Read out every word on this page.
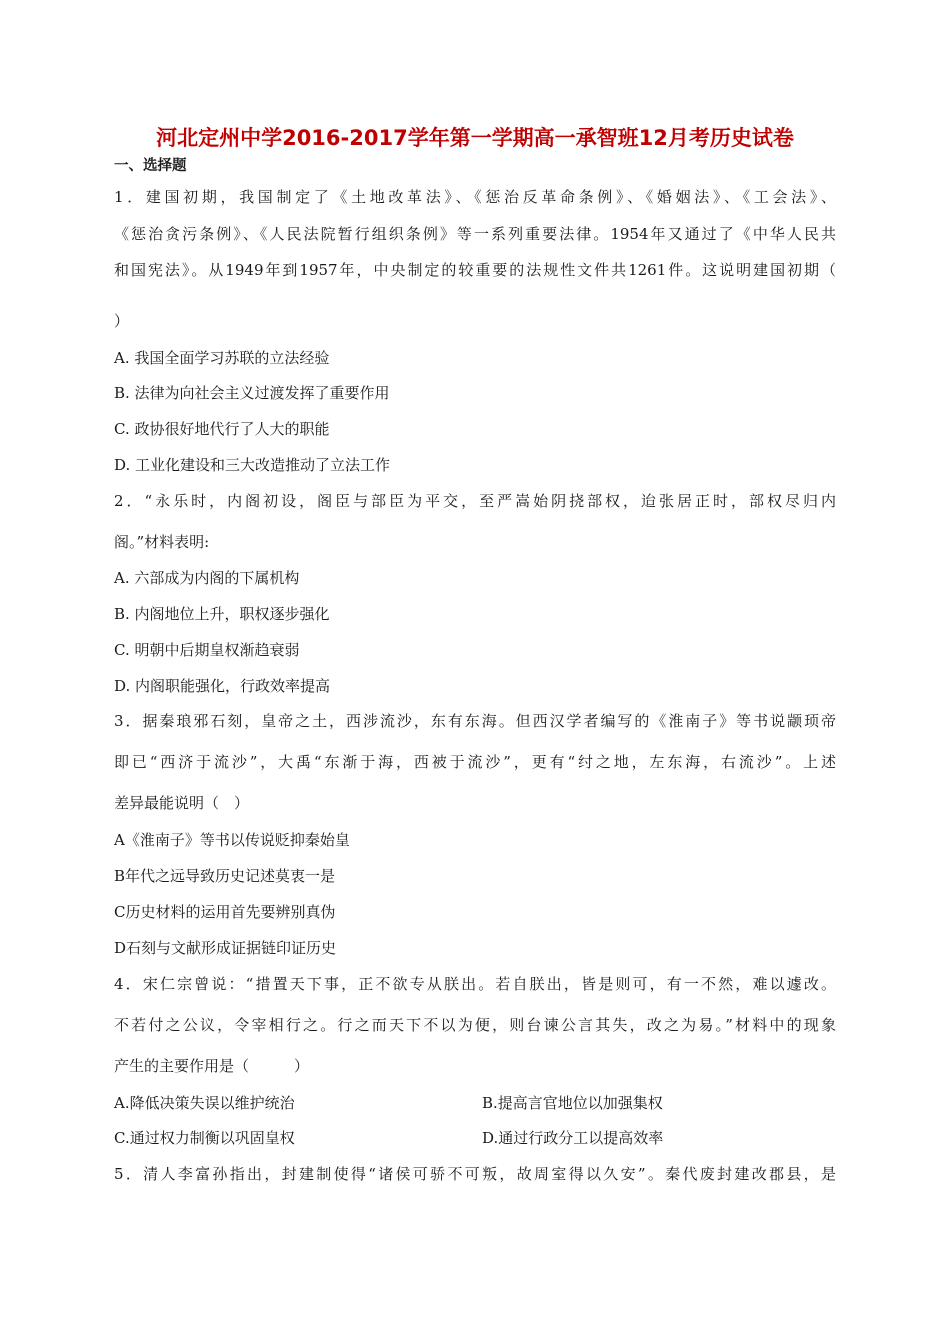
河北定州中学2016-2017学年第一学期高一承智班12月考历史试卷
一、选择题
1．建国初期，我国制定了《土地改革法》、《惩治反革命条例》、《婚姻法》、《工会法》、
《惩治贪污条例》、《人民法院暂行组织条例》等一系列重要法律。1954年又通过了《中华人民共
和国宪法》。从1949年到1957年，中央制定的较重要的法规性文件共1261件。这说明建国初期（
）
A. 我国全面学习苏联的立法经验
B. 法律为向社会主义过渡发挥了重要作用
C. 政协很好地代行了人大的职能
D. 工业化建设和三大改造推动了立法工作
2．“永乐时，内阁初设，阁臣与部臣为平交，至严嵩始阴挠部权，迨张居正时，部权尽归内
阁。”材料表明:
A. 六部成为内阁的下属机构
B. 内阁地位上升，职权逐步强化
C. 明朝中后期皇权渐趋衰弱
D. 内阁职能强化，行政效率提高
3．据秦琅邪石刻，皇帝之土，西涉流沙，东有东海。但西汉学者编写的《淮南子》等书说颛顼帝
即已“西济于流沙”，大禹“东渐于海，西被于流沙”，更有“纣之地，左东海，右流沙”。上述
差异最能说明（　）
A《淮南子》等书以传说贬抑秦始皇
B年代之远导致历史记述莫衷一是
C历史材料的运用首先要辨别真伪
D石刻与文献形成证据链印证历史
4．宋仁宗曾说：“措置天下事，正不欲专从朕出。若自朕出，皆是则可，有一不然，难以遽改。
不若付之公议，令宰相行之。行之而天下不以为便，则台谏公言其失，改之为易。”材料中的现象
产生的主要作用是（　　　）
A.降低决策失误以维护统治	B.提高言官地位以加强集权
C.通过权力制衡以巩固皇权	D.通过行政分工以提高效率
5．清人李富孙指出，封建制使得“诸侯可骄不可叛，故周室得以久安”。秦代废封建改郡县，是
